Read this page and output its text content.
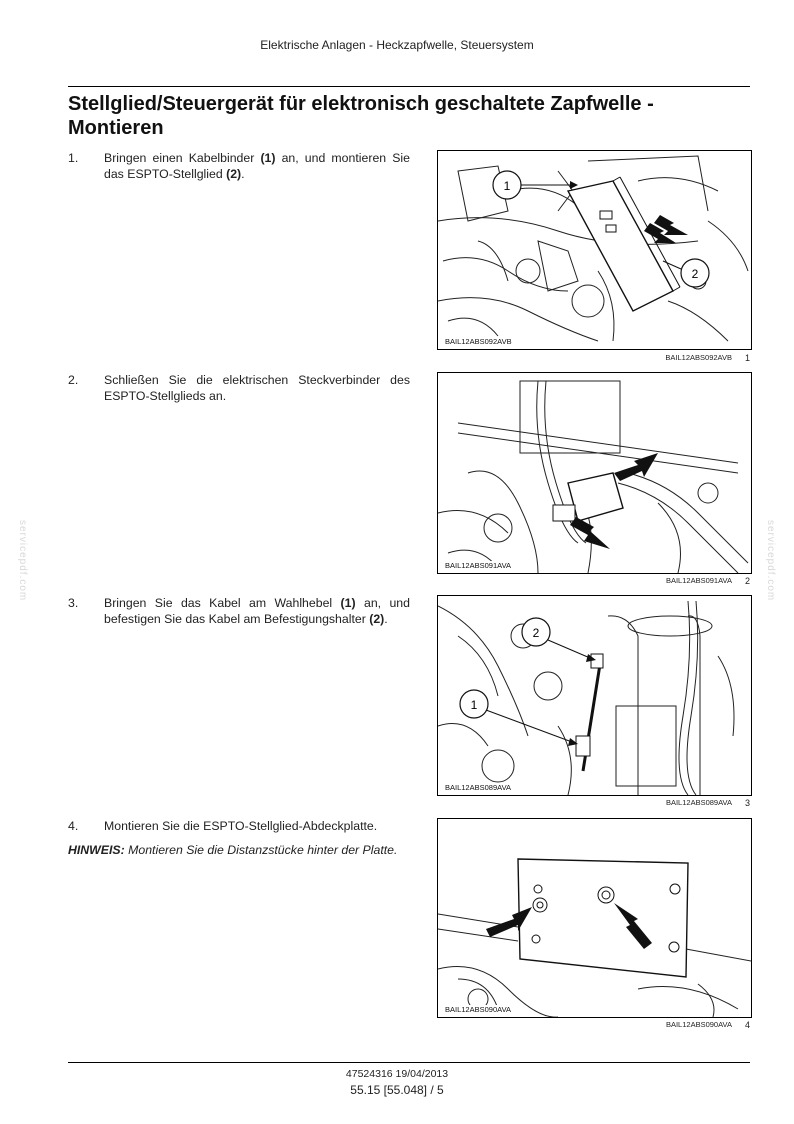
Elektrische Anlagen - Heckzapfwelle, Steuersystem
Stellglied/Steuergerät für elektronisch geschaltete Zapfwelle - Montieren
1. Bringen einen Kabelbinder (1) an, und montieren Sie das ESPTO-Stellglied (2).
2. Schließen Sie die elektrischen Steckverbinder des ESPTO-Stellglieds an.
3. Bringen Sie das Kabel am Wahlhebel (1) an, und befestigen Sie das Kabel am Befestigungshalter (2).
4. Montieren Sie die ESPTO-Stellglied-Abdeckplatte.
HINWEIS: Montieren Sie die Distanzstücke hinter der Platte.
1
2
BAIL12ABS092AVB
BAIL12ABS092AVB 1
BAIL12ABS091AVA
BAIL12ABS091AVA 2
2
1
BAIL12ABS089AVA
BAIL12ABS089AVA 3
BAIL12ABS090AVA
BAIL12ABS090AVA 4
servicepdf.com	servicepdf.com
47524316 19/04/2013
55.15 [55.048] / 5
